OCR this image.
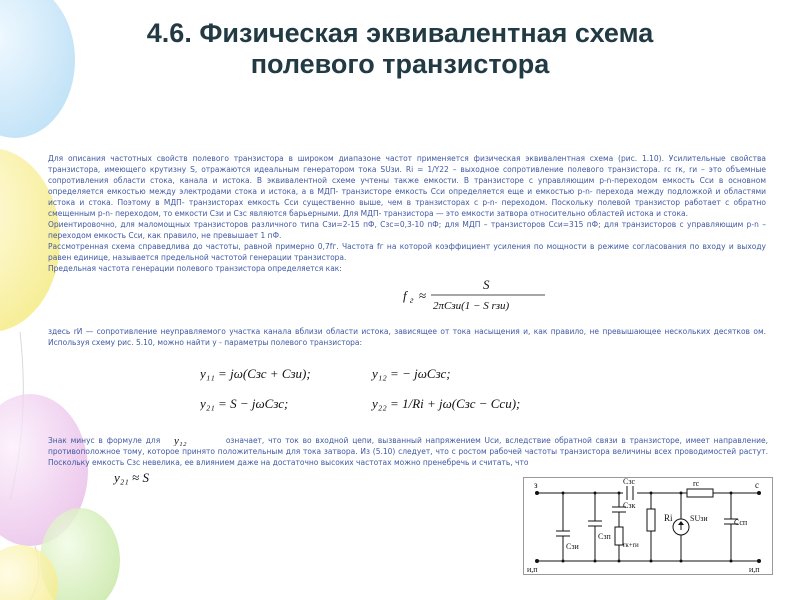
4.6. Физическая эквивалентная схема
полевого транзистора

Для описания частотных свойств полевого транзистора в широком диапазоне частот применяется физическая эквивалентная схема (рис. 1.10). Усилительные свойства транзистора, имеющего крутизну S, отражаются идеальным генератором тока SUзи. Ri = 1/Y22 – выходное сопротивление полевого транзистора. rс rк, rи – это объемные сопротивления области стока, канала и истока. В эквивалентной схеме учтены также емкости. В транзисторе с управляющим p-n-переходом емкость Cси в основном определяется емкостью между электродами стока и истока, а в МДП- транзисторе емкость Cси определяется еще и емкостью p-n- перехода между подложкой и областями истока и стока. Поэтому в МДП- транзисторах емкость Cси существенно выше, чем в транзисторах с p-n- переходом. Поскольку полевой транзистор работает с обратно смещенным p-n- переходом, то емкости Cзи и Cзс являются барьерными. Для МДП- транзистора — это емкости затвора относительно областей истока и стока.

Ориентировочно, для маломощных транзисторов различного типа Cзи=2-15 пФ, Cзс=0,3-10 пФ; для МДП – транзисторов Cси=315 пФ; для транзисторов с управляющим p-n – переходом емкость Cси, как правило, не превышает 1 пФ.

Рассмотренная схема справедлива до частоты, равной примерно 0,7fг. Частота fг на которой коэффициент усиления по мощности в режиме согласования по входу и выходу равен единице, называется предельной частотой генерации транзистора.

Предельная частота генерации полевого транзистора определяется как:

f г ≈
S
2πCзи(1 − S rзи)

здесь rИ — сопротивление неуправляемого участка канала вблизи области истока, зависящее от тока насыщения и, как правило, не превышающее нескольких десятков ом. Используя схему рис. 5.10, можно найти y - параметры полевого транзистора:

y₁₁ = jω(Cзс + Cзи);	y₁₂ = − jωCзс;
y₂₁ = S − jωCзс;	y₂₂ = 1/Ri + jω(Cзс − Cси);

Знак минус в формуле для y₁₂	означает, что ток во входной цепи, вызванный напряжением Uси, вследствие обратной связи в транзисторе, имеет направление, противоположное тому, которое принято положительным для тока затвора. Из (5.10) следует, что с ростом рабочей частоты транзистора величины всех проводимостей растут. Поскольку емкость Cзс невелика, ее влиянием даже на достаточно высоких частотах можно пренебречь и считать, что

y₂₁ ≈ S	з	с
и,п	и,п
Cзи
Cзп
Cзк
Cзс	rc
Ri SUзи	Cсп
rк+rи
